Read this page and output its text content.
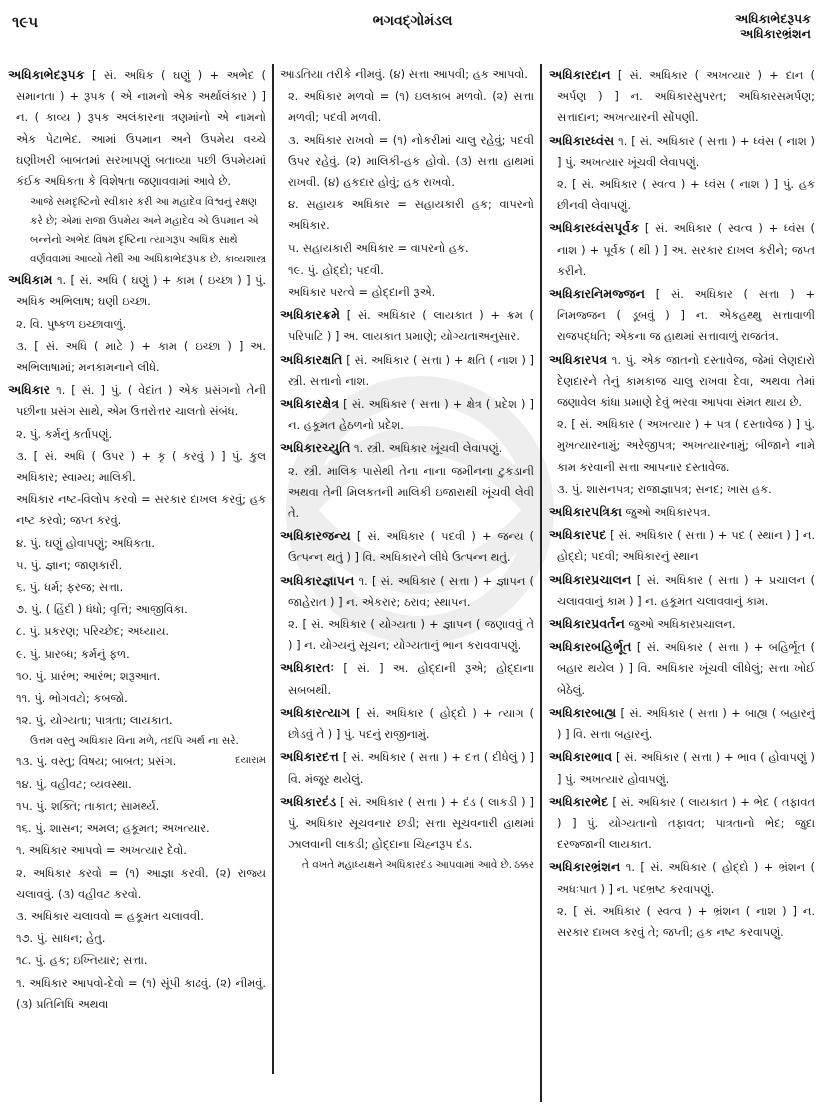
૧૯૫	ભગવદ્ગોમંડલ	અધિકાભેદરૂપક
અધિકારભ્રંશન
અધિકાભેદરૂપક [ સં. અધિક ( ઘણું ) + અભેદ ( સમાનતા ) + રૂપક ( એ નામનો એક અર્થાલંકાર ) ] ન. ( કાવ્ય ) રૂપક અલંકારના ત્રણમાંનો એ નામનો એક પેટાભેદ. આમાં ઉપમાન અને ઉપમેય વચ્ચે ઘણીખરી બાબતમાં સરખાપણું બતાવ્યા પછી ઉપમેયમાં કંઈક અધિકતા કે વિશેષતા જણાવવામાં આવે છે.
આજે સમદૃષ્ટિનો સ્વીકાર કરી આ મહાદેવ વિશ્વનું રક્ષણ કરે છે; એમાં રાજા ઉપમેય અને મહાદેવ એ ઉપમાન એ બન્નેનો અભેદ વિષમ દૃષ્ટિના ત્યાગરૂપ અધિક સાથે વર્ણવવામાં આવ્યો તેથી આ અધિકાભેદરૂપક છે. કાવ્યશાસ્ત્ર
અધિકામ ૧. [ સં. અધિ ( ઘણું ) + કામ ( ઇચ્છા ) ] પું. અધિક અભિલાષ; ઘણી ઇચ્છા.
૨. વિ. પુષ્કળ ઇચ્છાવાળું.
૩. [ સં. અધિ ( માટે ) + કામ ( ઇચ્છા ) ] અ. અભિલાષામાં; મનકામનાને લીધે.
અધિકાર ૧. [ સં. ] પું. ( વેદાંત ) એક પ્રસંગનો તેની પછીના પ્રસંગ સાથે, એમ ઉત્તરોત્તર ચાલતો સંબંધ.
૨. પું. કર્મનું કર્તાપણું.
૩. [ સં. અધિ ( ઉપર ) + કૃ ( કરવું ) ] પું. કુલ અધિકાર; સ્વામ્ય; માલિકી.
અધિકાર નષ્ટ-વિલોપ કરવો = સરકાર દાખલ કરવું; હક નષ્ટ કરવો; જપ્ત કરવું.
૪. પું. ઘણું હોવાપણું; અધિકતા.
૫. પું. જ્ઞાન; જાણકારી.
૬. પું. ધર્મ; ફરજ; સત્તા.
૭. પું. ( હિંદી ) ધંધો; વૃત્તિ; આજીવિકા.
૮. પું. પ્રકરણ; પરિચ્છેદ; અધ્યાય.
૯. પું. પ્રારબ્ધ; કર્મનું ફળ.
૧૦. પું. પ્રારંભ; આરંભ; શરૂઆત.
૧૧. પું. ભોગવટો; કબજો.
૧૨. પું. યોગ્યતા; પાત્રતા; લાયકાત.
ઉત્તમ વસ્તુ અધિકાર વિના મળે, તદપિ અર્થ ના સરે.
દયારામ
૧૩. પું. વસ્તુ; વિષય; બાબત; પ્રસંગ.
૧૪. પું. વહીવટ; વ્યવસ્થા.
૧૫. પું. શક્તિ; તાકાત; સામર્થ્ય.
૧૬. પું. શાસન; અમલ; હકૂમત; અખત્યાર.
૧. અધિકાર આપવો = અખત્યાર દેવો.
૨. અધિકાર કરવો = (૧) આજ્ઞા કરવી. (૨) રાજ્ય ચલાવવું. (૩) વહીવટ કરવો.
૩. અધિકાર ચલાવવો = હકૂમત ચલાવવી.
૧૭. પું. સાધન; હેતુ.
૧૮. પું. હક; ઇખ્તિયાર; સત્તા.
૧. અધિકાર આપવો-દેવો = (૧) સૂંપી કાઢવું. (૨) નીમવું. (૩) પ્રતિનિધિ અથવા
આડતિયા તરીકે નીમવું. (૪) સત્તા આપવી; હક આપવો.
૨. અધિકાર મળવો = (૧) ઇલકાબ મળવો. (૨) સત્તા મળવી; પદવી મળવી.
૩. અધિકાર રાખવો = (૧) નોકરીમાં ચાલુ રહેવું; પદવી ઉપર રહેવું. (૨) માલિકી-હક હોવો. (૩) સત્તા હાથમાં રાખવી. (૪) હકદાર હોવું; હક રાખવો.
૪. સહાયક અધિકાર = સહાયકારી હક; વાપરનો અધિકાર.
૫. સહાયકારી અધિકાર = વાપરનો હક.
૧૯. પું. હોદ્દો; પદવી.
અધિકાર પરત્વે = હોદ્દાની રૂએ.
અધિકારક્રમે [ સં. અધિકાર ( લાયકાત ) + ક્રમ ( પરિપાટિ ) ] અ. લાયકાત પ્રમાણે; યોગ્યતાઅનુસાર.
અધિકારક્ષતિ [ સં. અધિકાર ( સત્તા ) + ક્ષતિ ( નાશ ) ] સ્ત્રી. સત્તાનો નાશ.
અધિકારક્ષેત્ર [ સં. અધિકાર ( સત્તા ) + ક્ષેત્ર ( પ્રદેશ ) ] ન. હકૂમત હેઠળનો પ્રદેશ.
અધિકારચ્યુતિ ૧. સ્ત્રી. અધિકાર ખૂંચવી લેવાપણું.
૨. સ્ત્રી. માલિક પાસેથી તેના નાના જમીનના ટુકડાની અથવા તેની મિલકતની માલિકી ઇજારાથી ખૂંચવી લેવી તે.
અધિકારજન્ય [ સં. અધિકાર ( પદવી ) + જન્ય ( ઉત્પન્ન થતું ) ] વિ. અધિકારને લીધે ઉત્પન્ન થતું.
અધિકારજ્ઞાપન ૧. [ સં. અધિકાર ( સત્તા ) + જ્ઞાપન ( જાહેરાત ) ] ન. એકરાર; ઠરાવ; સ્થાપન.
૨. [ સં. અધિકાર ( યોગ્યતા ) + જ્ઞાપન ( જણાવવું તે ) ] ન. યોગ્યનું સૂચન; યોગ્યતાનું ભાન કરાવવાપણું.
અધિકારતઃ [ સં. ] અ. હોદ્દાની રૂએ; હોદ્દાના સબબથી.
અધિકારત્યાગ [ સં. અધિકાર ( હોદ્દો ) + ત્યાગ ( છોડવું તે ) ] પું. પદનું રાજીનામું.
અધિકારદત્ત [ સં. અધિકાર ( સત્તા ) + દત્ત ( દીધેલું ) ] વિ. મંજૂર થયેલું.
અધિકારદંડ [ સં. અધિકાર ( સત્તા ) + દંડ ( લાકડી ) ] પું. અધિકાર સૂચવનાર છડી; સત્તા સૂચવનારી હાથમાં ઝાલવાની લાકડી; હોદ્દાના ચિહ્નરૂપ દંડ.
તે વખતે મહાધ્યક્ષને અધિકારદંડ આપવામાં આવે છે. ઠક્કર
અધિકારદાન [ સં. અધિકાર ( અખત્યાર ) + દાન ( અર્પણ ) ] ન. અધિકારસુપરત; અધિકારસમર્પણ; સત્તાદાન; અખત્યારની સોંપણી.
અધિકારધ્વંસ ૧. [ સં. અધિકાર ( સત્તા ) + ધ્વંસ ( નાશ ) ] પું. અખત્યાર ખૂંચવી લેવાપણું.
૨. [ સં. અધિકાર ( સ્વત્વ ) + ધ્વંસ ( નાશ ) ] પું. હક છીનવી લેવાપણું.
અધિકારધ્વંસપૂર્વક [ સં. અધિકાર ( સ્વત્વ ) + ધ્વંસ ( નાશ ) + પૂર્વક ( થી ) ] અ. સરકાર દાખલ કરીને; જપ્ત કરીને.
અધિકારનિમજ્જન [ સં. અધિકાર ( સત્તા ) + નિમજ્જન ( ડૂબવું ) ] ન. એકહથ્થુ સત્તાવાળી રાજપદ્ધતિ; એકના જ હાથમાં સત્તાવાળું રાજતંત્ર.
અધિકારપત્ર ૧. પું. એક જાતનો દસ્તાવેજ, જેમાં લેણદારો દેણદારને તેનું કામકાજ ચાલુ રાખવા દેવા, અથવા તેમાં જણાવેલ કાંધા પ્રમાણે દેવું ભરવા આપવા સંમત થાય છે.
૨. [ સં. અધિકાર ( અખત્યાર ) + પત્ર ( દસ્તાવેજ ) ] પું. મુખત્યારનામું; અરેજીપત્ર; અખત્યારનામું; બીજાને નામે કામ કરવાની સત્તા આપનાર દસ્તાવેજ.
૩. પું. શાસનપત્ર; રાજાજ્ઞાપત્ર; સનદ; ખાસ હક.
અધિકારપત્રિકા જુઓ અધિકારપત્ર.
અધિકારપદ [ સં. અધિકાર ( સત્તા ) + પદ ( સ્થાન ) ] ન. હોદ્દો; પદવી; અધિકારનું સ્થાન
અધિકારપ્રચાલન [ સં. અધિકાર ( સત્તા ) + પ્રચાલન ( ચલાવવાનું કામ ) ] ન. હકૂમત ચલાવવાનું કામ.
અધિકારપ્રવર્તન જુઓ અધિકારપ્રચાલન.
અધિકારબહિર્ભૂત [ સં. અધિકાર ( સત્તા ) + બહિર્ભૂત ( બહાર થયેલ ) ] વિ. અધિકાર ખૂંચવી લીધેલું; સત્તા ખોઈ બેઠેલું.
અધિકારબાહ્ય [ સં. અધિકાર ( સત્તા ) + બાહ્ય ( બહારનું ) ] વિ. સત્તા બહારનું.
અધિકારભાવ [ સં. અધિકાર ( સત્તા ) + ભાવ ( હોવાપણું ) ] પું. અખત્યાર હોવાપણું.
અધિકારભેદ [ સં. અધિકાર ( લાયકાત ) + ભેદ ( તફાવત ) ] પું. યોગ્યતાનો તફાવત; પાત્રતાનો ભેદ; જુદા દરજ્જાની લાયકાત.
અધિકારભ્રંશન ૧. [ સં. અધિકાર ( હોદ્દો ) + ભ્રંશન ( અધઃપાત ) ] ન. પદભ્રષ્ટ કરવાપણું.
૨. [ સં. અધિકાર ( સ્વત્વ ) + ભ્રંશન ( નાશ ) ] ન. સરકાર દાખલ કરવું તે; જપ્તી; હક નષ્ટ કરવાપણું.
